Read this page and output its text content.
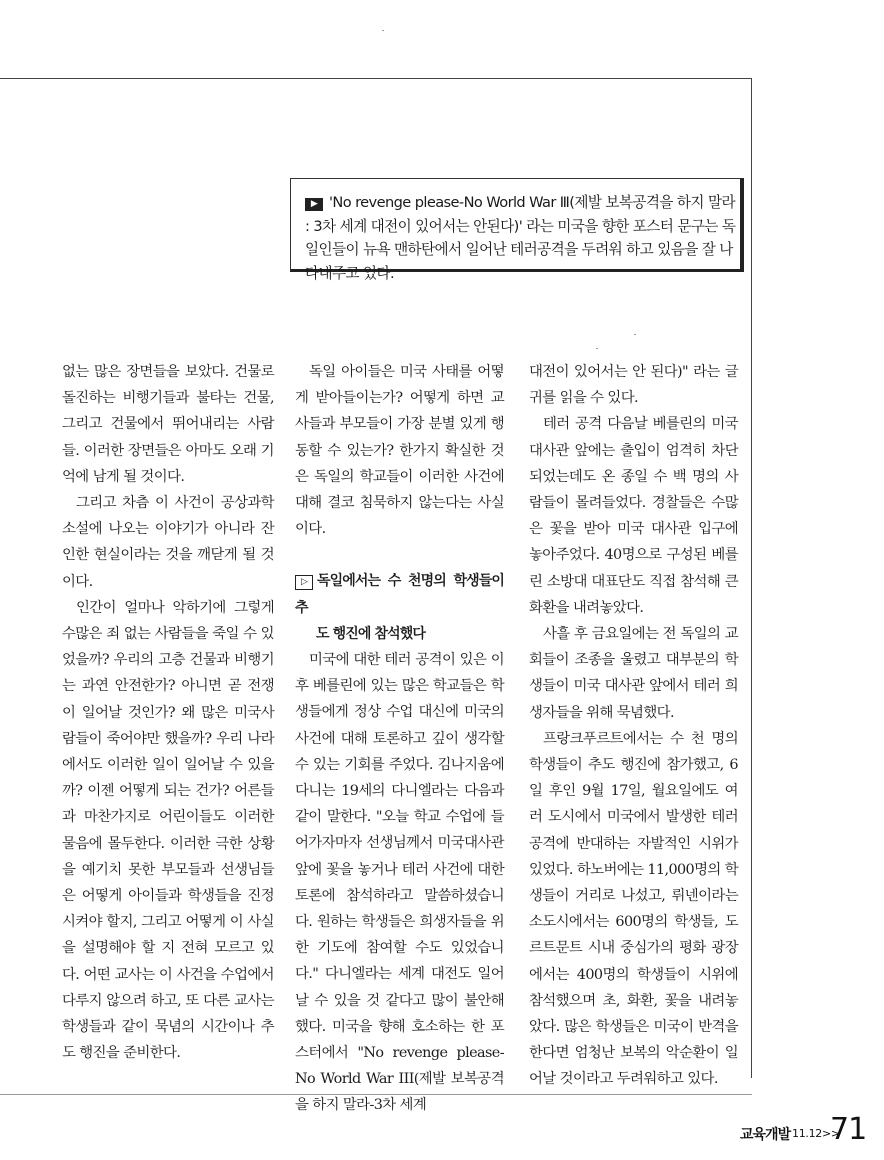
▶ 'No revenge please-No World War Ⅲ(제발 보복공격을 하지 말라 : 3차 세계 대전이 있어서는 안된다)' 라는 미국을 향한 포스터 문구는 독일인들이 뉴욕 맨하탄에서 일어난 테러공격을 두려워 하고 있음을 잘 나타내주고 있다.

없는 많은 장면들을 보았다. 건물로 돌진하는 비행기들과 불타는 건물, 그리고 건물에서 뛰어내리는 사람들. 이러한 장면들은 아마도 오래 기억에 남게 될 것이다.

그리고 차츰 이 사건이 공상과학 소설에 나오는 이야기가 아니라 잔인한 현실이라는 것을 깨닫게 될 것이다.

인간이 얼마나 악하기에 그렇게 수많은 죄 없는 사람들을 죽일 수 있었을까? 우리의 고층 건물과 비행기는 과연 안전한가? 아니면 곧 전쟁이 일어날 것인가? 왜 많은 미국사람들이 죽어야만 했을까? 우리 나라에서도 이러한 일이 일어날 수 있을까? 이젠 어떻게 되는 건가? 어른들과 마찬가지로 어린이들도 이러한 물음에 몰두한다. 이러한 극한 상황을 예기치 못한 부모들과 선생님들은 어떻게 아이들과 학생들을 진정시켜야 할지, 그리고 어떻게 이 사실을 설명해야 할 지 전혀 모르고 있다. 어떤 교사는 이 사건을 수업에서 다루지 않으려 하고, 또 다른 교사는 학생들과 같이 묵념의 시간이나 추도 행진을 준비한다.

독일 아이들은 미국 사태를 어떻게 받아들이는가? 어떻게 하면 교사들과 부모들이 가장 분별 있게 행동할 수 있는가? 한가지 확실한 것은 독일의 학교들이 이러한 사건에 대해 결코 침묵하지 않는다는 사실이다.

▷ 독일에서는 수 천명의 학생들이 추
도 행진에 참석했다

미국에 대한 테러 공격이 있은 이후 베를린에 있는 많은 학교들은 학생들에게 정상 수업 대신에 미국의 사건에 대해 토론하고 깊이 생각할 수 있는 기회를 주었다. 김나지움에 다니는 19세의 다니엘라는 다음과 같이 말한다. "오늘 학교 수업에 들어가자마자 선생님께서 미국대사관 앞에 꽃을 놓거나 테러 사건에 대한 토론에 참석하라고 말씀하셨습니다. 원하는 학생들은 희생자들을 위한 기도에 참여할 수도 있었습니다." 다니엘라는 세계 대전도 일어날 수 있을 것 같다고 많이 불안해했다. 미국을 향해 호소하는 한 포스터에서 "No revenge please-No World War III(제발 보복공격을 하지 말라-3차 세계

대전이 있어서는 안 된다)" 라는 글귀를 읽을 수 있다.

테러 공격 다음날 베를린의 미국 대사관 앞에는 출입이 엄격히 차단되었는데도 온 종일 수 백 명의 사람들이 몰려들었다. 경찰들은 수많은 꽃을 받아 미국 대사관 입구에 놓아주었다. 40명으로 구성된 베를린 소방대 대표단도 직접 참석해 큰 화환을 내려놓았다.

사흘 후 금요일에는 전 독일의 교회들이 조종을 울렸고 대부분의 학생들이 미국 대사관 앞에서 테러 희생자들을 위해 묵념했다.

프랑크푸르트에서는 수 천 명의 학생들이 추도 행진에 참가했고, 6일 후인 9월 17일, 월요일에도 여러 도시에서 미국에서 발생한 테러 공격에 반대하는 자발적인 시위가 있었다. 하노버에는 11,000명의 학생들이 거리로 나섰고, 뤼넨이라는 소도시에서는 600명의 학생들, 도르트문트 시내 중심가의 평화 광장에서는 400명의 학생들이 시위에 참석했으며 초, 화환, 꽃을 내려놓았다. 많은 학생들은 미국이 반격을 한다면 엄청난 보복의 악순환이 일어날 것이라고 두려워하고 있다.

교육개발 11.12>>
71
